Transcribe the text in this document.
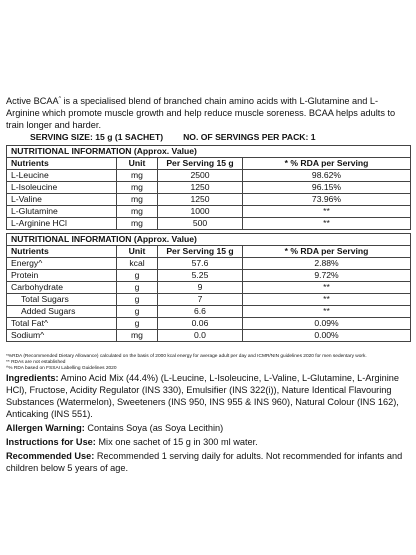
Active BCAA^ is a specialised blend of branched chain amino acids with L-Glutamine and L- Arginine which promote muscle growth and help reduce muscle soreness. BCAA helps adults to train longer and harder.

SERVING SIZE: 15 g (1 SACHET) NO. OF SERVINGS PER PACK: 1
NUTRITIONAL INFORMATION (Approx. Value)			
Nutrients	Unit	Per Serving 15 g	* % RDA per Serving
L-Leucine	mg	2500	98.62%
L-Isoleucine	mg	1250	96.15%
L-Valine	mg	1250	73.96%
L-Glutamine	mg	1000	**
L-Arginine HCl	mg	500	**
NUTRITIONAL INFORMATION (Approx. Value)			
Nutrients	Unit	Per Serving 15 g	* % RDA per Serving
Energy^	kcal	57.6	2.88%
Protein	g	5.25	9.72%
Carbohydrate	g	9	**
Total Sugars	g	7	**
Added Sugars	g	6.6	**
Total Fat^	g	0.06	0.09%
Sodium^	mg	0.0	0.00%

*%RDA (Recommended Dietary Allowance) calculated on the basis of 2000 kcal energy for average adult per day and ICMR/NIN guidelines 2020 for men sedentary work.

** RDAs are not established

^% RDA based on FSSAI Labelling Guidelines 2020

Ingredients: Amino Acid Mix (44.4%) (L-Leucine, L-Isoleucine, L-Valine, L-Glutamine, L-Arginine HCl), Fructose, Acidity Regulator (INS 330), Emulsifier (INS 322(i)), Nature Identical Flavouring Substances (Watermelon), Sweeteners (INS 950, INS 955 & INS 960), Natural Colour (INS 162), Anticaking (INS 551).

Allergen Warning: Contains Soya (as Soya Lecithin)

Instructions for Use: Mix one sachet of 15 g in 300 ml water.

Recommended Use: Recommended 1 serving daily for adults. Not recommended for infants and children below 5 years of age.
